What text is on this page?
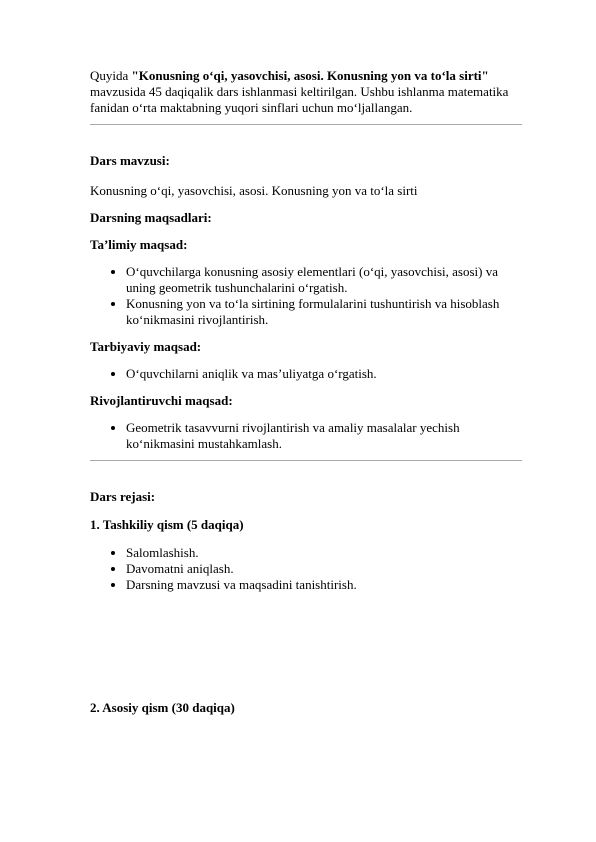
Quyida "Konusning o‘qi, yasovchisi, asosi. Konusning yon va to‘la sirti" mavzusida 45 daqiqalik dars ishlanmasi keltirilgan. Ushbu ishlanma matematika fanidan o‘rta maktabning yuqori sinflari uchun mo‘ljallangan.

Dars mavzusi:

Konusning o‘qi, yasovchisi, asosi. Konusning yon va to‘la sirti

Darsning maqsadlari:

Ta’limiy maqsad:

• O‘quvchilarga konusning asosiy elementlari (o‘qi, yasovchisi, asosi) va uning geometrik tushunchalarini o‘rgatish.
• Konusning yon va to‘la sirtining formulalarini tushuntirish va hisoblash ko‘nikmasini rivojlantirish.

Tarbiyaviy maqsad:

• O‘quvchilarni aniqlik va mas’uliyatga o‘rgatish.

Rivojlantiruvchi maqsad:

• Geometrik tasavvurni rivojlantirish va amaliy masalalar yechish ko‘nikmasini mustahkamlash.

Dars rejasi:

1. Tashkiliy qism (5 daqiqa)

• Salomlashish.
• Davomatni aniqlash.
• Darsning mavzusi va maqsadini tanishtirish.

2. Asosiy qism (30 daqiqa)
